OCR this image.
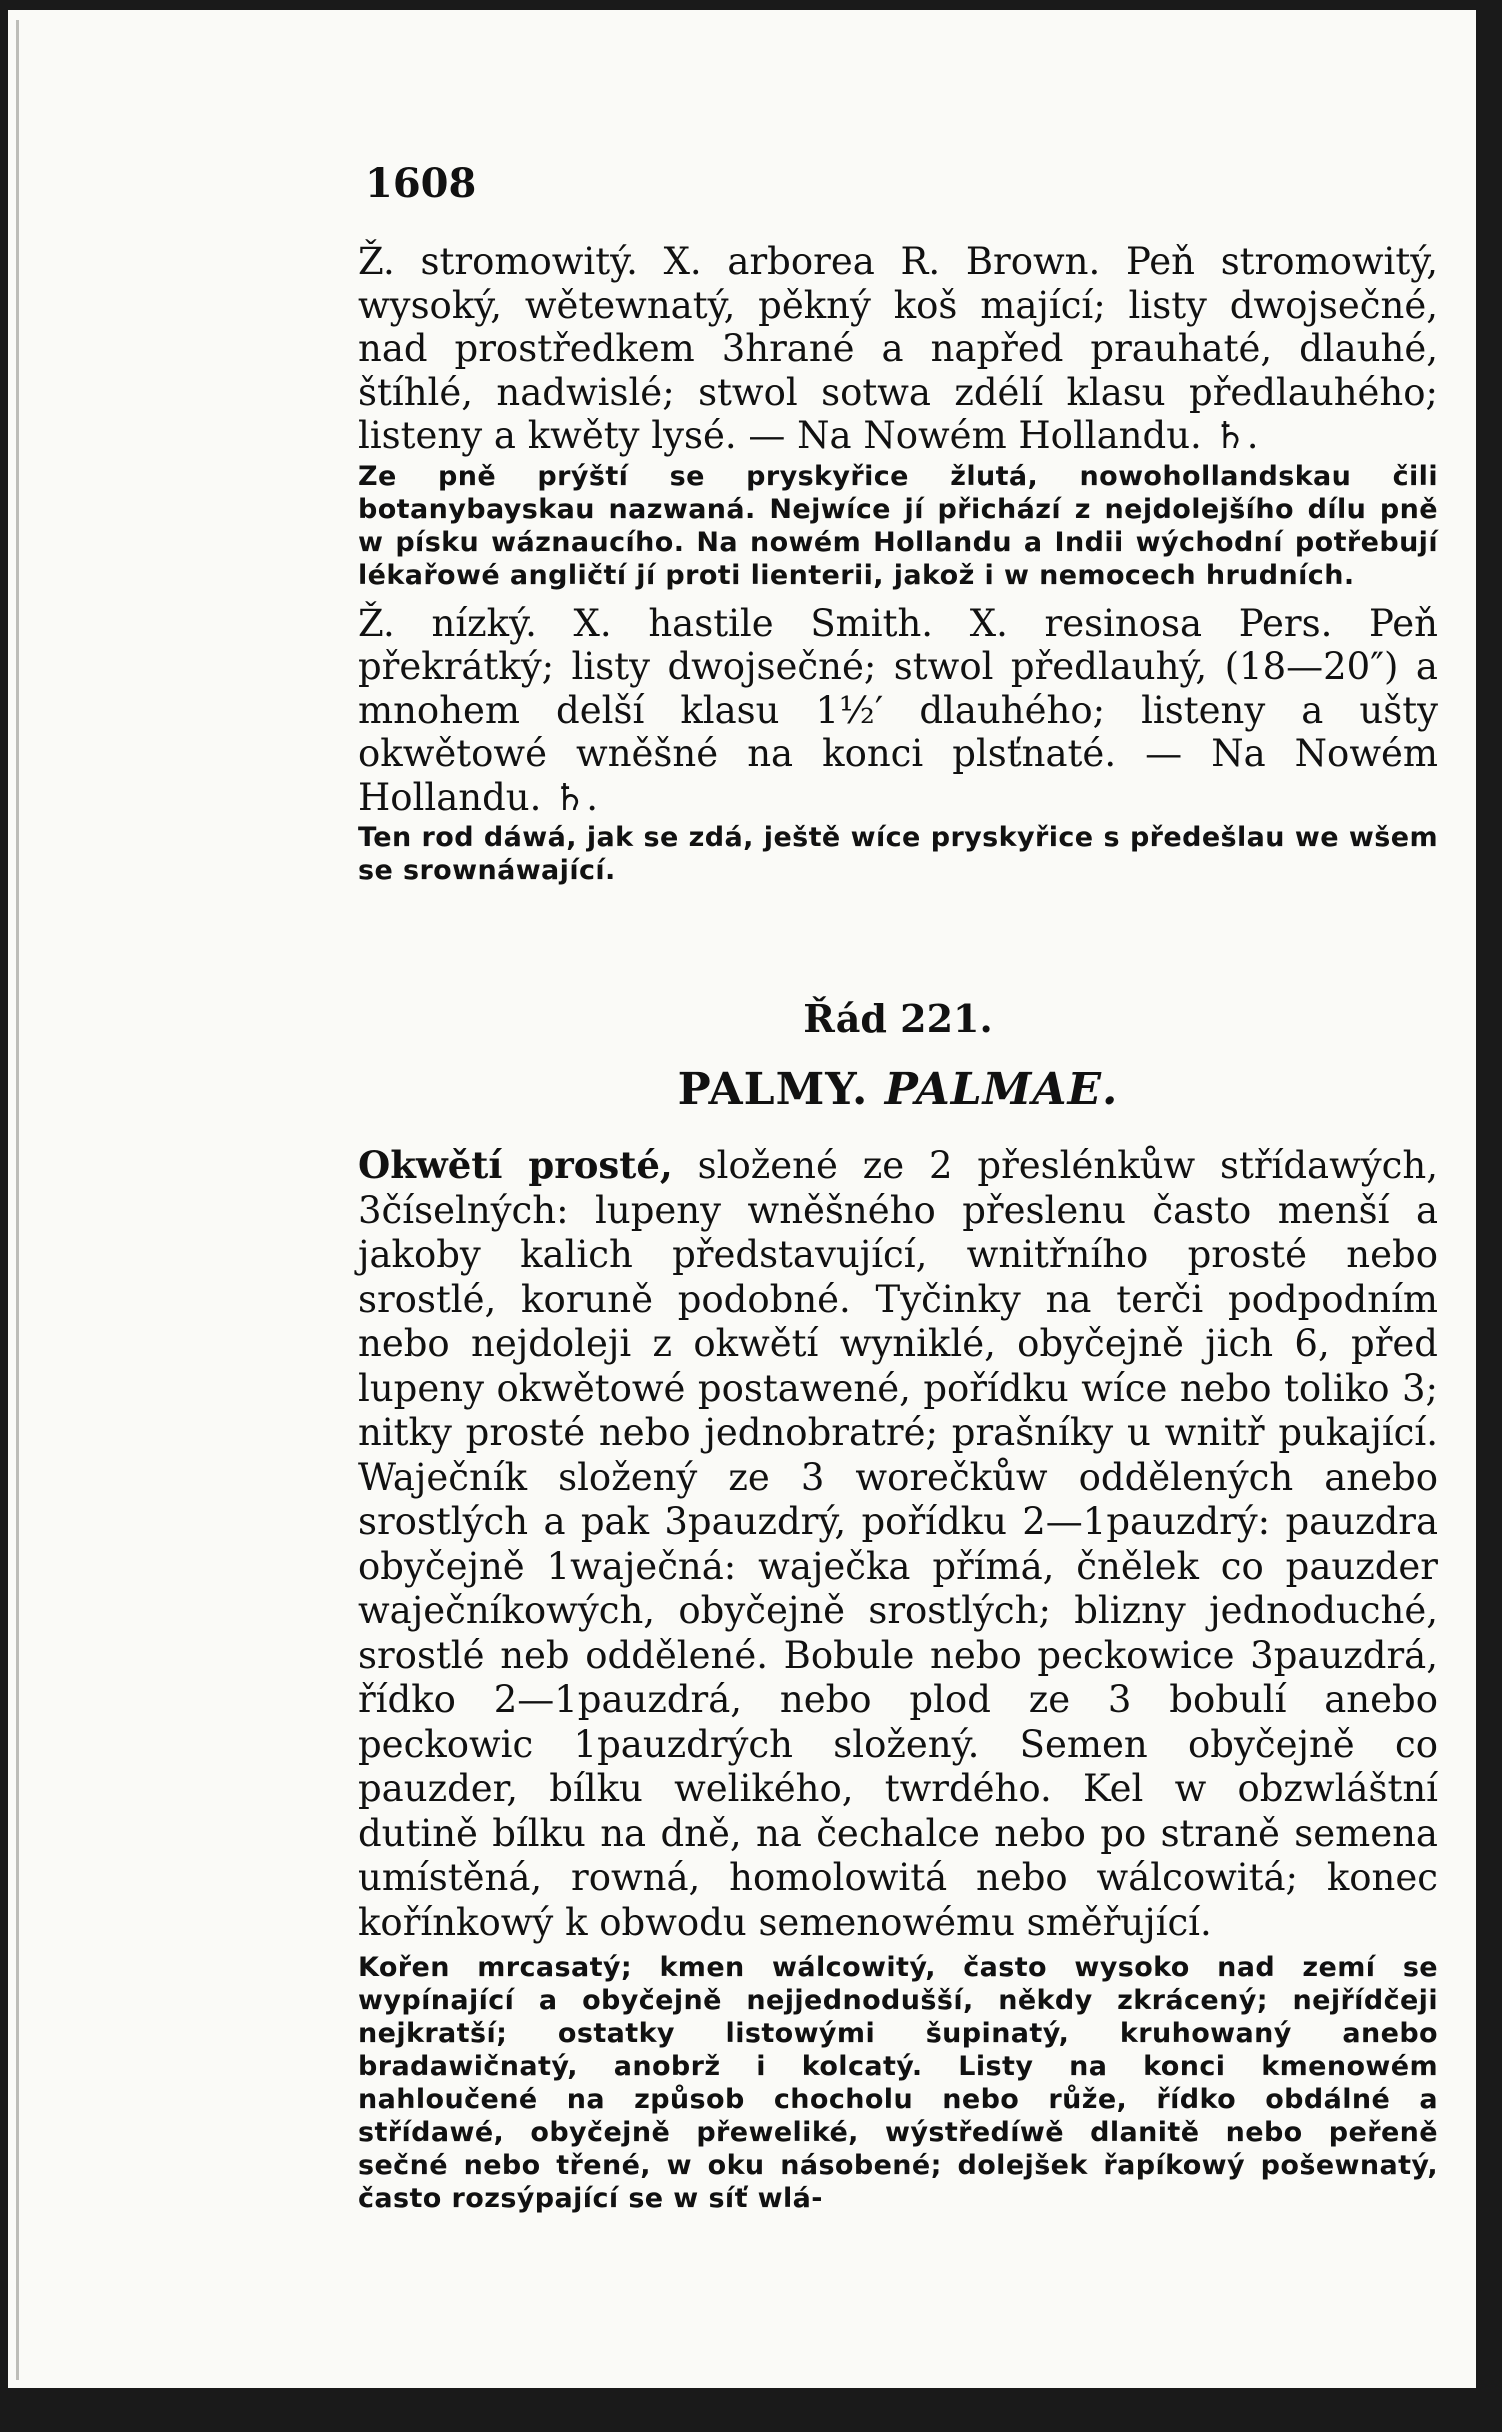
1608

Ž. stromowitý. X. arborea R. Brown. Peň stromowitý, wysoký, wětewnatý, pěkný koš mající; listy dwojsečné, nad prostředkem 3hrané a napřed prauhaté, dlauhé, štíhlé, nadwislé; stwol sotwa zdélí klasu předlauhého; listeny a kwěty lysé. — Na Nowém Hollandu. ♄.

Ze pně prýští se pryskyřice žlutá, nowohollandskau čili botanybayskau nazwaná. Nejwíce jí přichází z nejdolejšího dílu pně w písku wáznaucího. Na nowém Hollandu a Indii wýchodní potřebují lékařowé angličtí jí proti lienterii, jakož i w nemocech hrudních.

Ž. nízký. X. hastile Smith. X. resinosa Pers. Peň překrátký; listy dwojsečné; stwol předlauhý, (18—20″) a mnohem delší klasu 1½′ dlauhého; listeny a ušty okwětowé wněšné na konci plsťnaté. — Na Nowém Hollandu. ♄.

Ten rod dáwá, jak se zdá, ještě wíce pryskyřice s předešlau we wšem se srownáwající.

Řád 221.
PALMY. PALMAE.

Okwětí prosté, složené ze 2 přeslénkůw střídawých, 3číselných: lupeny wněšného přeslenu často menší a jakoby kalich představující, wnitřního prosté nebo srostlé, koruně podobné. Tyčinky na terči podpodním nebo nejdoleji z okwětí wyniklé, obyčejně jich 6, před lupeny okwětowé postawené, pořídku wíce nebo toliko 3; nitky prosté nebo jednobratré; prašníky u wnitř pukající. Waječník složený ze 3 worečkůw oddělených anebo srostlých a pak 3pauzdrý, pořídku 2—1pauzdrý: pauzdra obyčejně 1waječná: waječka přímá, čnělek co pauzder waječníkowých, obyčejně srostlých; blizny jednoduché, srostlé neb oddělené. Bobule nebo peckowice 3pauzdrá, řídko 2—1pauzdrá, nebo plod ze 3 bobulí anebo peckowic 1pauzdrých složený. Semen obyčejně co pauzder, bílku welikého, twrdého. Kel w obzwláštní dutině bílku na dně, na čechalce nebo po straně semena umístěná, rowná, homolowitá nebo wálcowitá; konec kořínkowý k obwodu semenowému směřující.

Kořen mrcasatý; kmen wálcowitý, často wysoko nad zemí se wypínající a obyčejně nejjednodušší, někdy zkrácený; nejřídčeji nejkratší; ostatky listowými šupinatý, kruhowaný anebo bradawičnatý, anobrž i kolcatý. Listy na konci kmenowém nahloučené na způsob chocholu nebo růže, řídko obdálné a střídawé, obyčejně přeweliké, wýstředíwě dlanitě nebo peřeně sečné nebo třené, w oku násobené; dolejšek řapíkowý pošewnatý, často rozsýpající se w síť wlá-
